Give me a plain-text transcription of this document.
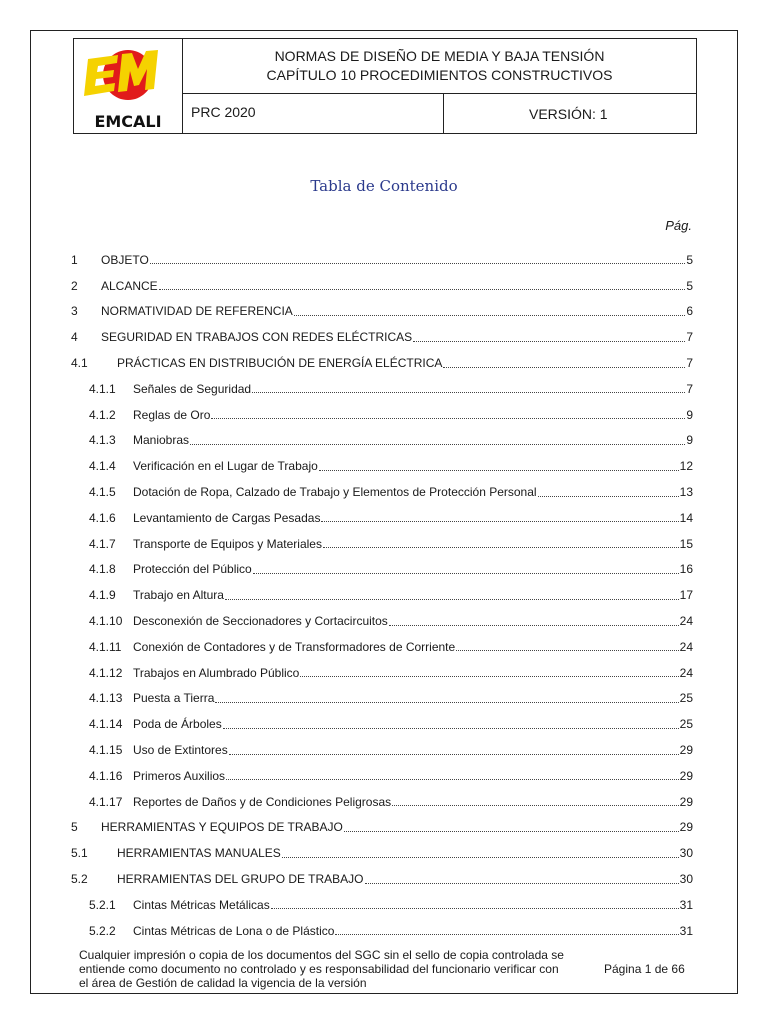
EMCALI
NORMAS DE DISEÑO DE MEDIA Y BAJA TENSIÓN
CAPÍTULO 10 PROCEDIMIENTOS CONSTRUCTIVOS
PRC 2020	VERSIÓN: 1
Tabla de Contenido
Pág.
1	OBJETO	5
2	ALCANCE	5
3	NORMATIVIDAD DE REFERENCIA	6
4	SEGURIDAD EN TRABAJOS CON REDES ELÉCTRICAS	7
4.1	PRÁCTICAS EN DISTRIBUCIÓN DE ENERGÍA ELÉCTRICA	7
4.1.1	Señales de Seguridad	7
4.1.2	Reglas de Oro	9
4.1.3	Maniobras	9
4.1.4	Verificación en el Lugar de Trabajo	12
4.1.5	Dotación de Ropa, Calzado de Trabajo y Elementos de Protección Personal	13
4.1.6	Levantamiento de Cargas Pesadas	14
4.1.7	Transporte de Equipos y Materiales	15
4.1.8	Protección del Público	16
4.1.9	Trabajo en Altura	17
4.1.10 Desconexión de Seccionadores y Cortacircuitos	24
4.1.11 Conexión de Contadores y de Transformadores de Corriente	24
4.1.12 Trabajos en Alumbrado Público	24
4.1.13 Puesta a Tierra	25
4.1.14 Poda de Árboles	25
4.1.15 Uso de Extintores	29
4.1.16 Primeros Auxilios	29
4.1.17 Reportes de Daños y de Condiciones Peligrosas	29
5	HERRAMIENTAS Y EQUIPOS DE TRABAJO	29
5.1	HERRAMIENTAS MANUALES	30
5.2	HERRAMIENTAS DEL GRUPO DE TRABAJO	30
5.2.1	Cintas Métricas Metálicas	31
5.2.2	Cintas Métricas de Lona o de Plástico	31
Cualquier impresión o copia de los documentos del SGC sin el sello de copia controlada se
entiende como documento no controlado y es responsabilidad del funcionario verificar con
el área de Gestión de calidad la vigencia de la versión
Página 1 de 66
